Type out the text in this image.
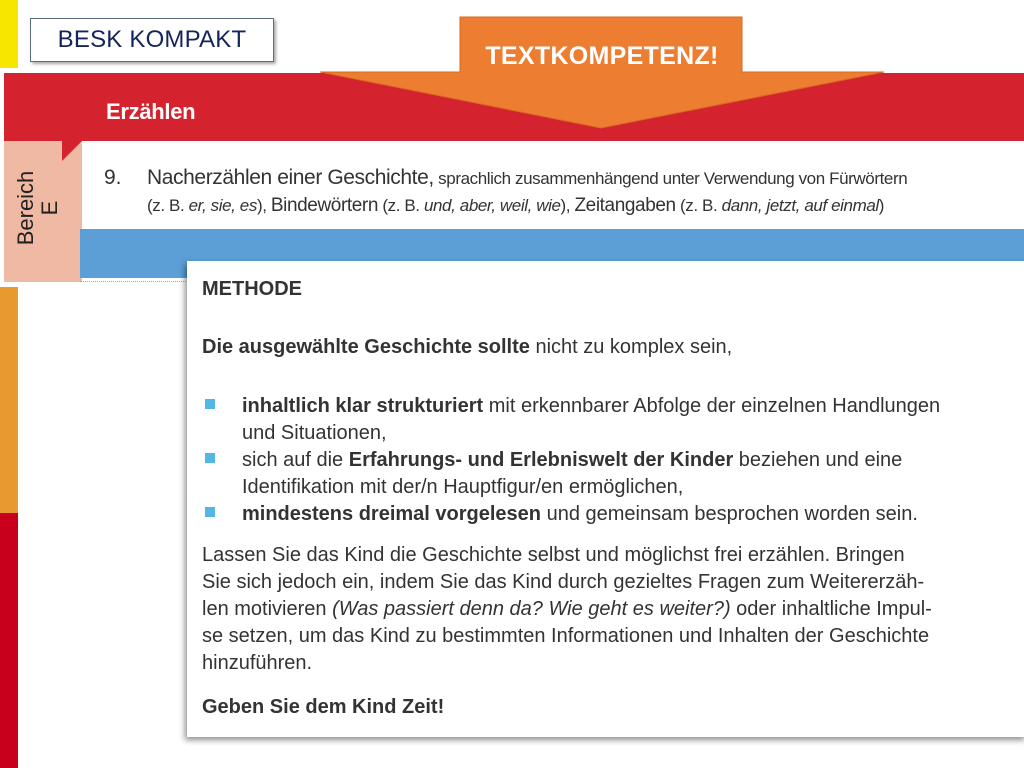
Erzählen
BESK KOMPAKT
TEXTKOMPETENZ!
Bereich E
9. Nacherzählen einer Geschichte, sprachlich zusammenhängend unter Verwendung von Fürwörtern
(z. B. er, sie, es), Bindewörtern (z. B. und, aber, weil, wie), Zeitangaben (z. B. dann, jetzt, auf einmal)
METHODE
Die ausgewählte Geschichte sollte nicht zu komplex sein,
inhaltlich klar strukturiert mit erkennbarer Abfolge der einzelnen Handlungen
und Situationen,
sich auf die Erfahrungs- und Erlebniswelt der Kinder beziehen und eine
Identifikation mit der/n Hauptfigur/en ermöglichen,
mindestens dreimal vorgelesen und gemeinsam besprochen worden sein.
Lassen Sie das Kind die Geschichte selbst und möglichst frei erzählen. Bringen
Sie sich jedoch ein, indem Sie das Kind durch gezieltes Fragen zum Weitererzäh-
len motivieren (Was passiert denn da? Wie geht es weiter?) oder inhaltliche Impul-
se setzen, um das Kind zu bestimmten Informationen und Inhalten der Geschichte
hinzuführen.
Geben Sie dem Kind Zeit!
